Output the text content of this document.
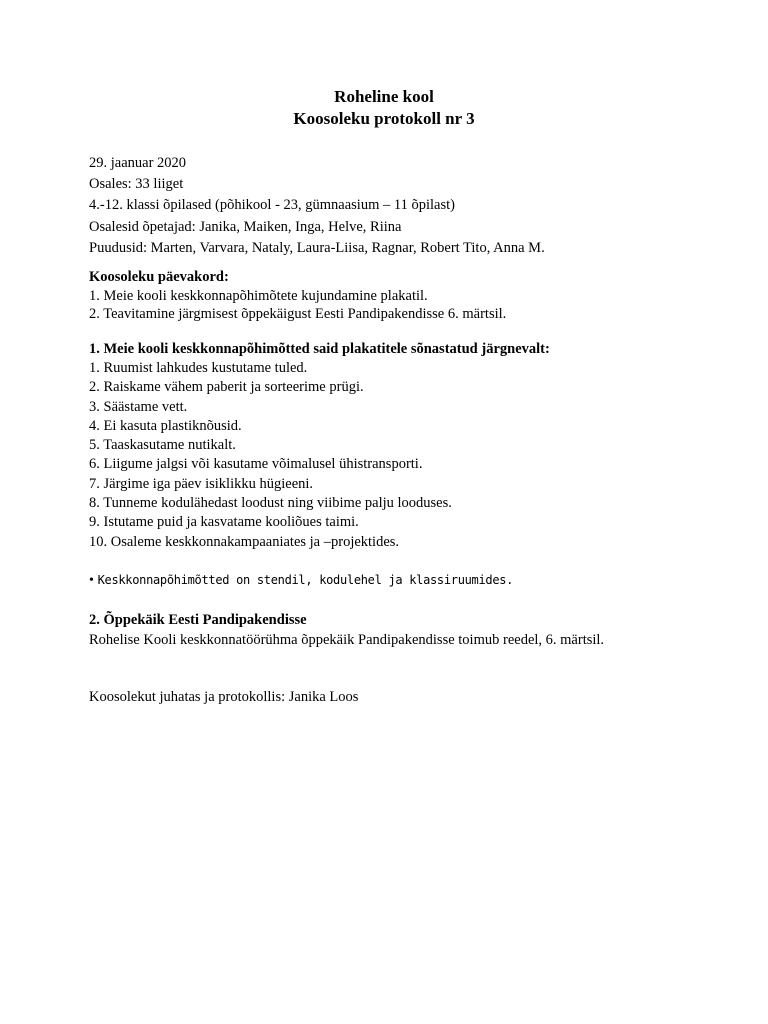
Roheline kool
Koosoleku protokoll nr 3
29. jaanuar 2020
Osales: 33 liiget
4.-12. klassi õpilased (põhikool - 23, gümnaasium – 11 õpilast)
Osalesid õpetajad: Janika, Maiken, Inga, Helve, Riina
Puudusid: Marten, Varvara, Nataly, Laura-Liisa, Ragnar, Robert Tito, Anna M.
Koosoleku päevakord:
1. Meie kooli keskkonnapõhimõtete kujundamine plakatil.
2. Teavitamine järgmisest õppekäigust Eesti Pandipakendisse 6. märtsil.
1. Meie kooli keskkonnapõhimõtted said plakatitele sõnastatud järgnevalt:
1. Ruumist lahkudes kustutame tuled.
2. Raiskame vähem paberit ja sorteerime prügi.
3. Säästame vett.
4. Ei kasuta plastiknõusid.
5. Taaskasutame nutikalt.
6. Liigume jalgsi või kasutame võimalusel ühistransporti.
7. Järgime iga päev isiklikku hügieeni.
8. Tunneme kodulähedast loodust ning viibime palju looduses.
9. Istutame puid ja kasvatame kooliõues taimi.
10. Osaleme keskkonnakampaaniates ja –projektides.

• Keskkonnapõhimõtted on stendil, kodulehel ja klassiruumides.

2. Õppekäik Eesti Pandipakendisse
Rohelise Kooli keskkonnatöörühma õppekäik Pandipakendisse toimub reedel, 6. märtsil.
Koosolekut juhatas ja protokollis: Janika Loos
